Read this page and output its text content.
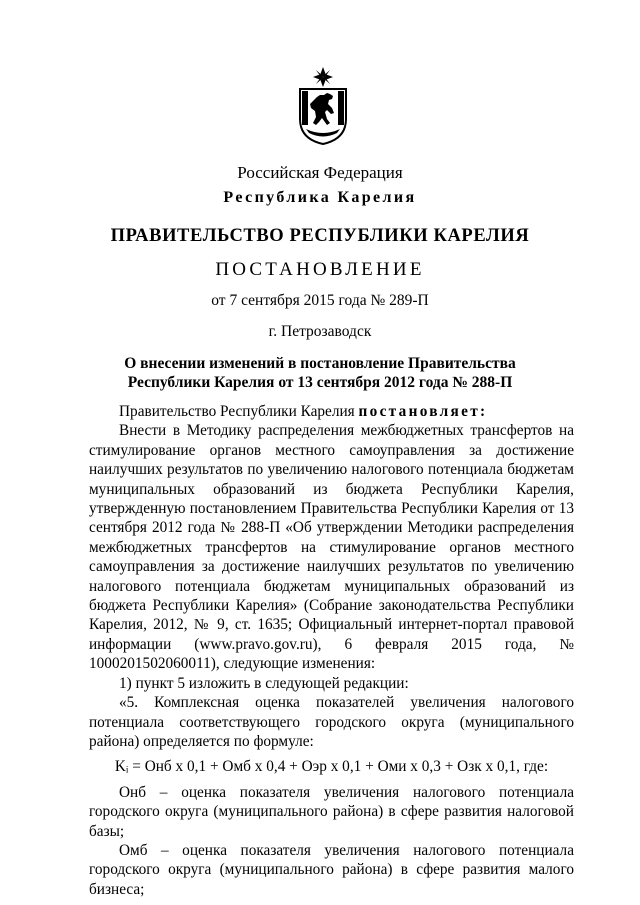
Российская Федерация
Республика Карелия
ПРАВИТЕЛЬСТВО РЕСПУБЛИКИ КАРЕЛИЯ
ПОСТАНОВЛЕНИЕ
от 7 сентября 2015 года № 289-П
г. Петрозаводск
О внесении изменений в постановление Правительства
Республики Карелия от 13 сентября 2012 года № 288-П

Правительство Республики Карелия постановляет:

Внести в Методику распределения межбюджетных трансфертов на стимулирование органов местного самоуправления за достижение наилучших результатов по увеличению налогового потенциала бюджетам муниципальных образований из бюджета Республики Карелия, утвержденную постановлением Правительства Республики Карелия от 13 сентября 2012 года № 288-П «Об утверждении Методики распределения межбюджетных трансфертов на стимулирование органов местного самоуправления за достижение наилучших результатов по увеличению налогового потенциала бюджетам муниципальных образований из бюджета Республики Карелия» (Собрание законодательства Республики Карелия, 2012, № 9, ст. 1635; Официальный интернет-портал правовой информации (www.pravo.gov.ru), 6 февраля 2015 года, № 1000201502060011), следующие изменения:

1) пункт 5 изложить в следующей редакции:

«5. Комплексная оценка показателей увеличения налогового потенциала соответствующего городского округа (муниципального района) определяется по формуле:

Kᵢ = Онб x 0,1 + Омб x 0,4 + Оэр x 0,1 + Оми x 0,3 + Озк x 0,1, где:

Онб – оценка показателя увеличения налогового потенциала городского округа (муниципального района) в сфере развития налоговой базы;

Омб – оценка показателя увеличения налогового потенциала городского округа (муниципального района) в сфере развития малого бизнеса;
